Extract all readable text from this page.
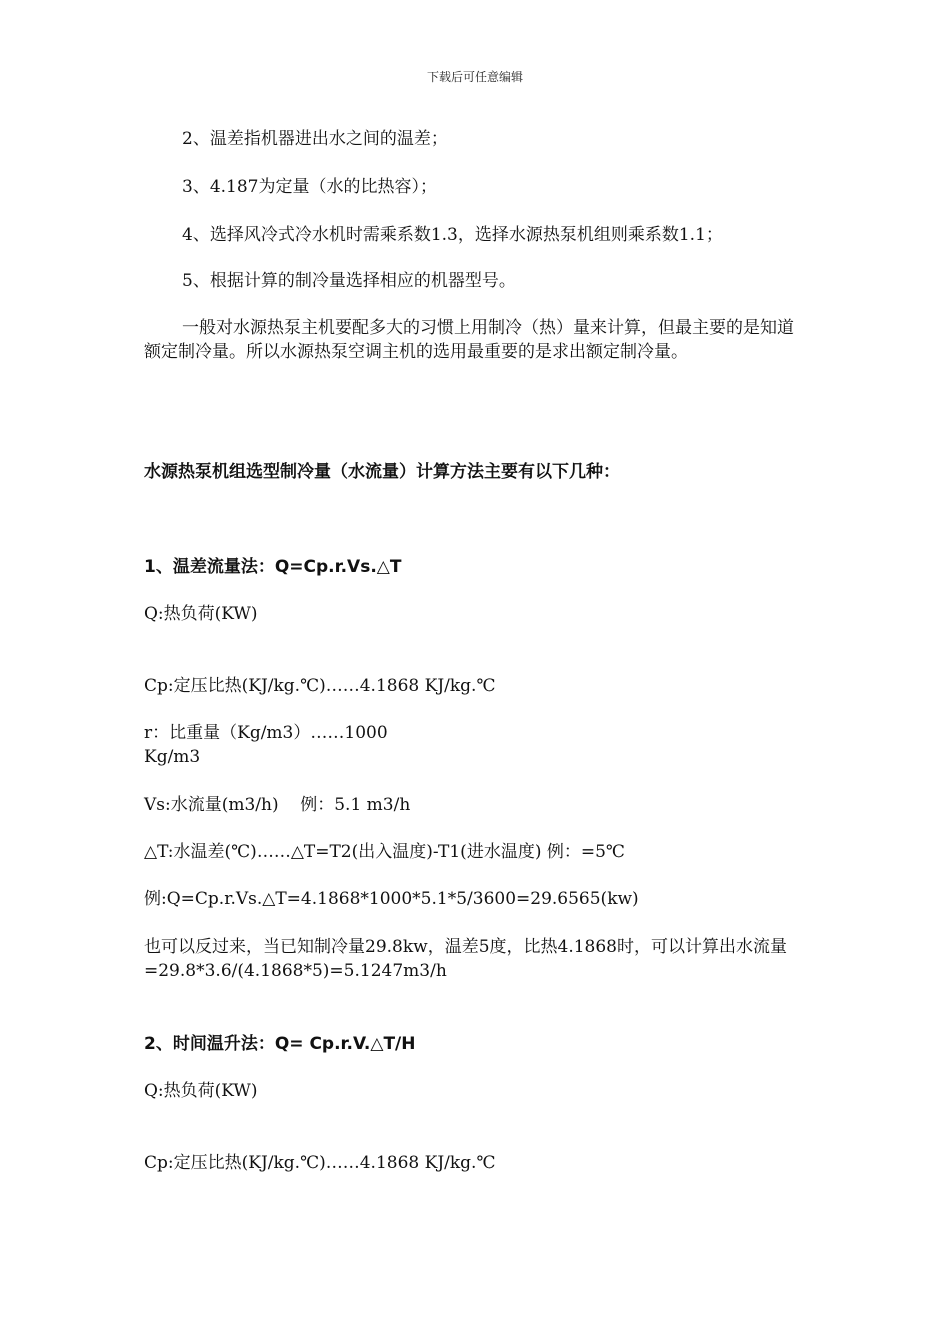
下载后可任意编辑
2、温差指机器进出水之间的温差；
3、4.187为定量（水的比热容）；
4、选择风冷式冷水机时需乘系数1.3，选择水源热泵机组则乘系数1.1；
5、根据计算的制冷量选择相应的机器型号。
一般对水源热泵主机要配多大的习惯上用制冷（热）量来计算，但最主要的是知道额定制冷量。所以水源热泵空调主机的选用最重要的是求出额定制冷量。
水源热泵机组选型制冷量（水流量）计算方法主要有以下几种：
1、温差流量法：Q=Cp.r.Vs.△T
Q:热负荷(KW)
Cp:定压比热(KJ/kg.℃)……4.1868 KJ/kg.℃
r：比重量（Kg/m3）……1000
Kg/m3
Vs:水流量(m3/h)    例：5.1 m3/h
△T:水温差(℃)……△T=T2(出入温度)-T1(进水温度) 例：=5℃
例:Q=Cp.r.Vs.△T=4.1868*1000*5.1*5/3600=29.6565(kw)
也可以反过来，当已知制冷量29.8kw，温差5度，比热4.1868时，可以计算出水流量=29.8*3.6/(4.1868*5)=5.1247m3/h
2、时间温升法：Q= Cp.r.V.△T/H
Q:热负荷(KW)
Cp:定压比热(KJ/kg.℃)……4.1868 KJ/kg.℃
